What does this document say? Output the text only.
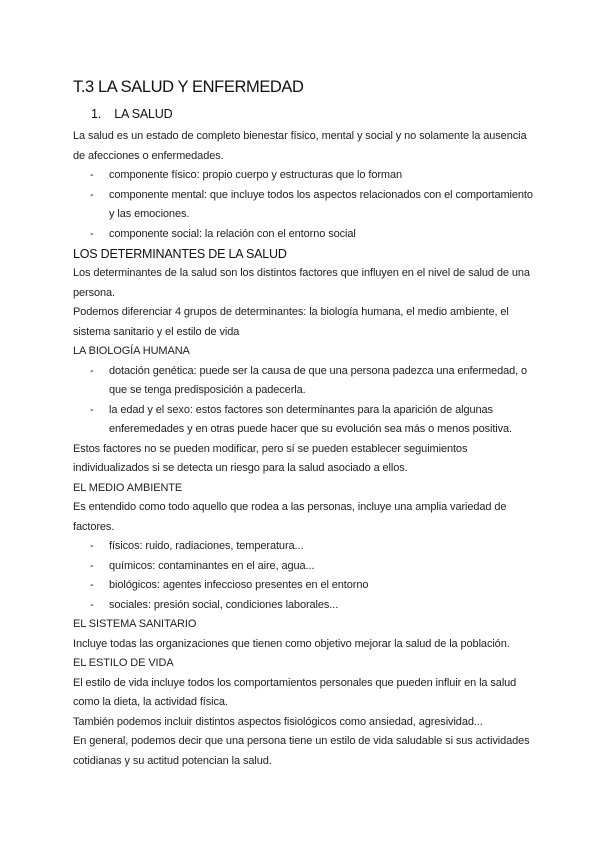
T.3 LA SALUD Y ENFERMEDAD
1. LA SALUD

La salud es un estado de completo bienestar físico, mental y social y no solamente la ausencia de afecciones o enfermedades.

- componente físico: propio cuerpo y estructuras que lo forman
- componente mental: que incluye todos los aspectos relacionados con el comportamiento y las emociones.
- componente social: la relación con el entorno social
LOS DETERMINANTES DE LA SALUD

Los determinantes de la salud son los distintos factores que influyen en el nivel de salud de una persona.

Podemos diferenciar 4 grupos de determinantes: la biología humana, el medio ambiente, el sistema sanitario y el estilo de vida

LA BIOLOGÍA HUMANA

- dotación genética: puede ser la causa de que una persona padezca una enfermedad, o que se tenga predisposición a padecerla.
- la edad y el sexo: estos factores son determinantes para la aparición de algunas enferemedades y en otras puede hacer que su evolución sea más o menos positiva.

Estos factores no se pueden modificar, pero sí se pueden establecer seguimientos individualizados si se detecta un riesgo para la salud asociado a ellos.

EL MEDIO AMBIENTE

Es entendido como todo aquello que rodea a las personas, incluye una amplia variedad de factores.

- físicos: ruido, radiaciones, temperatura...
- químicos: contaminantes en el aire, agua...
- biológicos: agentes infeccioso presentes en el entorno
- sociales: presión social, condiciones laborales...

EL SISTEMA SANITARIO

Incluye todas las organizaciones que tienen como objetivo mejorar la salud de la población.

EL ESTILO DE VIDA

El estilo de vida incluye todos los comportamientos personales que pueden influir en la salud como la dieta, la actividad física.

También podemos incluir distintos aspectos fisiológicos como ansiedad, agresividad...

En general, podemos decir que una persona tiene un estilo de vida saludable si sus actividades cotidianas y su actitud potencian la salud.
